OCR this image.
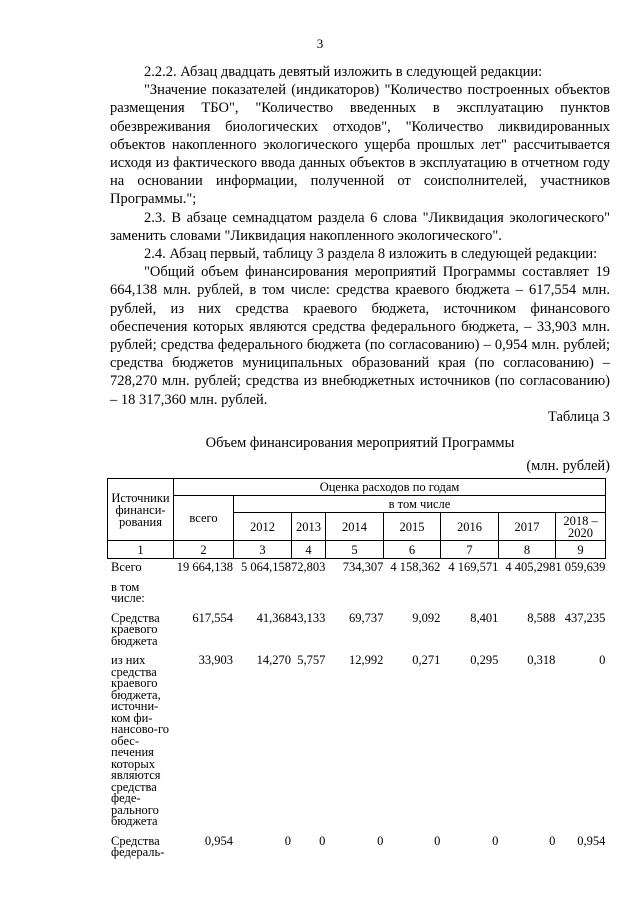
3

2.2.2. Абзац двадцать девятый изложить в следующей редакции:

"Значение показателей (индикаторов) "Количество построенных объектов размещения ТБО", "Количество введенных в эксплуатацию пунктов обезвреживания биологических отходов", "Количество ликвидированных объектов накопленного экологического ущерба прошлых лет" рассчитывается исходя из фактического ввода данных объектов в эксплуатацию в отчетном году на основании информации, полученной от соисполнителей, участников Программы.";

2.3. В абзаце семнадцатом раздела 6 слова "Ликвидация экологического" заменить словами "Ликвидация накопленного экологического".

2.4. Абзац первый, таблицу 3 раздела 8 изложить в следующей редакции:

"Общий объем финансирования мероприятий Программы составляет 19 664,138 млн. рублей, в том числе: средства краевого бюджета – 617,554 млн. рублей, из них средства краевого бюджета, источником финансового обеспечения которых являются средства федерального бюджета, – 33,903 млн. рублей; средства федерального бюджета (по согласованию) – 0,954 млн. рублей; средства бюджетов муниципальных образований края (по согласованию) – 728,270 млн. рублей; средства из внебюджетных источников (по согласованию) – 18 317,360 млн. рублей.

Таблица 3
Объем финансирования мероприятий Программы
(млн. рублей)
Источники финанси-рования	Оценка расходов по годам							
	всего	в том числе						
		2012	2013	2014	2015	2016	2017	2018 – 2020
1	2	3	4	5	6	7	8	9
Всего	19 664,138	5 064,158	72,803	734,307	4 158,362	4 169,571	4 405,298	1 059,639

в том числе:								

Средства краевого бюджета	617,554	41,368	43,133	69,737	9,092	8,401	8,588	437,235

из них средства краевого бюджета, источни-ком фи-нансово-го обес-печения которых являются средства феде-рального бюджета	33,903	14,270	5,757	12,992	0,271	0,295	0,318	0

Средства федераль-	0,954	0	0	0	0	0	0	0,954
